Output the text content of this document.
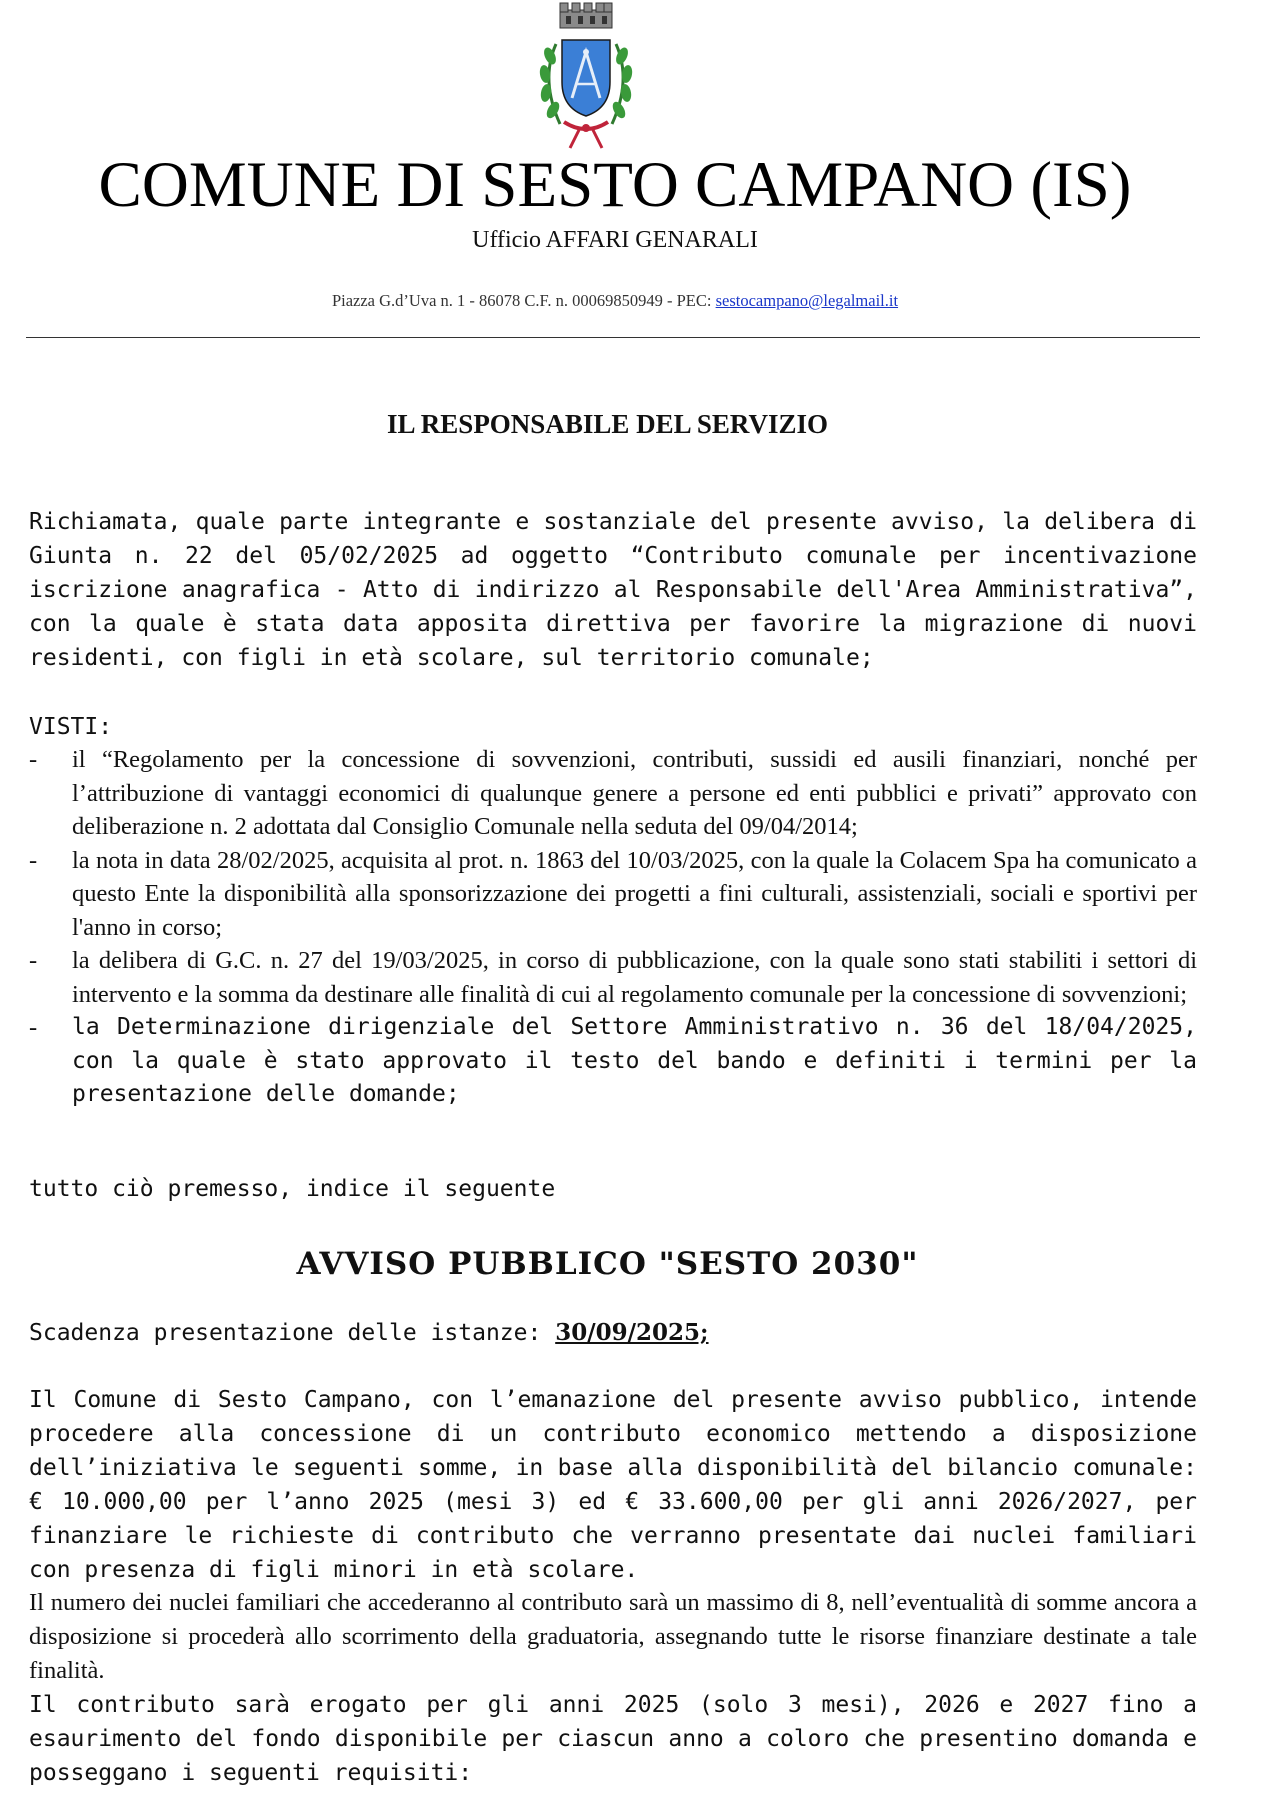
COMUNE DI SESTO CAMPANO (IS)
Ufficio AFFARI GENARALI
Piazza G.d’Uva n. 1 - 86078 C.F. n. 00069850949 - PEC: sestocampano@legalmail.it
IL RESPONSABILE DEL SERVIZIO

Richiamata, quale parte integrante e sostanziale del presente avviso, la delibera di Giunta n. 22 del 05/02/2025 ad oggetto “Contributo comunale per incentivazione iscrizione anagrafica - Atto di indirizzo al Responsabile dell'Area Amministrativa”, con la quale è stata data apposita direttiva per favorire la migrazione di nuovi residenti, con figli in età scolare, sul territorio comunale;

VISTI:
- il “Regolamento per la concessione di sovvenzioni, contributi, sussidi ed ausili finanziari, nonché per l’attribuzione di vantaggi economici di qualunque genere a persone ed enti pubblici e privati” approvato con deliberazione n. 2 adottata dal Consiglio Comunale nella seduta del 09/04/2014;
- la nota in data 28/02/2025, acquisita al prot. n. 1863 del 10/03/2025, con la quale la Colacem Spa ha comunicato a questo Ente la disponibilità alla sponsorizzazione dei progetti a fini culturali, assistenziali, sociali e sportivi per l'anno in corso;
- la delibera di G.C. n. 27 del 19/03/2025, in corso di pubblicazione, con la quale sono stati stabiliti i settori di intervento e la somma da destinare alle finalità di cui al regolamento comunale per la concessione di sovvenzioni;
- la Determinazione dirigenziale del Settore Amministrativo n. 36 del 18/04/2025, con la quale è stato approvato il testo del bando e definiti i termini per la presentazione delle domande;

tutto ciò premesso, indice il seguente

AVVISO PUBBLICO "SESTO 2030"
Scadenza presentazione delle istanze: 30/09/2025;

Il Comune di Sesto Campano, con l’emanazione del presente avviso pubblico, intende procedere alla concessione di un contributo economico mettendo a disposizione dell’iniziativa le seguenti somme, in base alla disponibilità del bilancio comunale: € 10.000,00 per l’anno 2025 (mesi 3) ed € 33.600,00 per gli anni 2026/2027, per finanziare le richieste di contributo che verranno presentate dai nuclei familiari con presenza di figli minori in età scolare.

Il numero dei nuclei familiari che accederanno al contributo sarà un massimo di 8, nell’eventualità di somme ancora a disposizione si procederà allo scorrimento della graduatoria, assegnando tutte le risorse finanziare destinate a tale finalità.

Il contributo sarà erogato per gli anni 2025 (solo 3 mesi), 2026 e 2027 fino a esaurimento del fondo disponibile per ciascun anno a coloro che presentino domanda e posseggano i seguenti requisiti:
